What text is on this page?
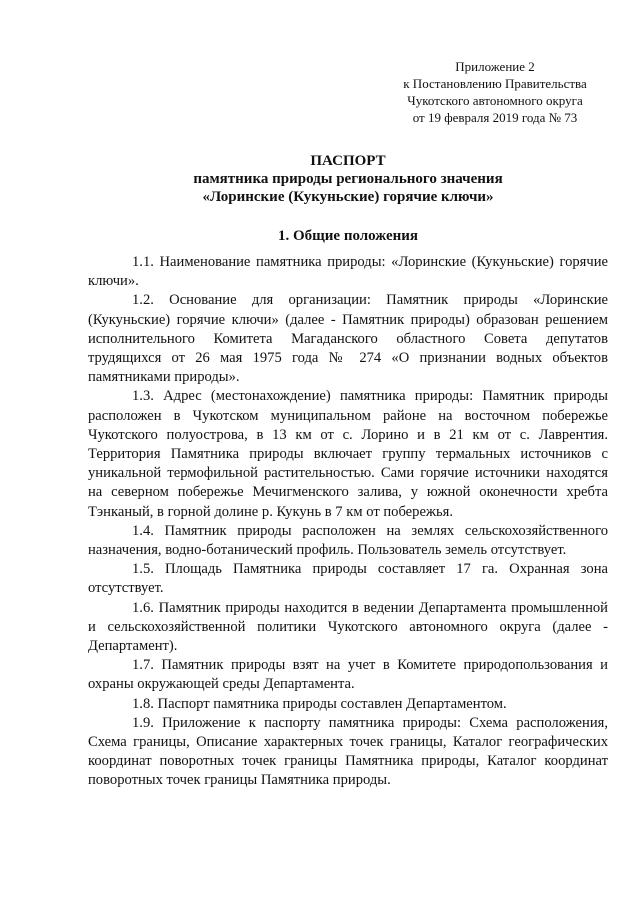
Приложение 2
к Постановлению Правительства
Чукотского автономного округа
от 19 февраля 2019 года № 73
ПАСПОРТ
памятника природы регионального значения
«Лоринские (Кукуньские) горячие ключи»
1. Общие положения

1.1. Наименование памятника природы: «Лоринские (Кукуньские) горячие ключи».

1.2. Основание для организации: Памятник природы «Лоринские (Кукуньские) горячие ключи» (далее - Памятник природы) образован решением исполнительного Комитета Магаданского областного Совета депутатов трудящихся от 26 мая 1975 года № 274 «О признании водных объектов памятниками природы».

1.3. Адрес (местонахождение) памятника природы: Памятник природы расположен в Чукотском муниципальном районе на восточном побережье Чукотского полуострова, в 13 км от с. Лорино и в 21 км от с. Лаврентия. Территория Памятника природы включает группу термальных источников с уникальной термофильной растительностью. Сами горячие источники находятся на северном побережье Мечигменского залива, у южной оконечности хребта Тэнканый, в горной долине р. Кукунь в 7 км от побережья.

1.4. Памятник природы расположен на землях сельскохозяйственного назначения, водно-ботанический профиль. Пользователь земель отсутствует.

1.5. Площадь Памятника природы составляет 17 га. Охранная зона отсутствует.

1.6. Памятник природы находится в ведении Департамента промышленной и сельскохозяйственной политики Чукотского автономного округа (далее - Департамент).

1.7. Памятник природы взят на учет в Комитете природопользования и охраны окружающей среды Департамента.

1.8. Паспорт памятника природы составлен Департаментом.

1.9. Приложение к паспорту памятника природы: Схема расположения, Схема границы, Описание характерных точек границы, Каталог географических координат поворотных точек границы Памятника природы, Каталог координат поворотных точек границы Памятника природы.
